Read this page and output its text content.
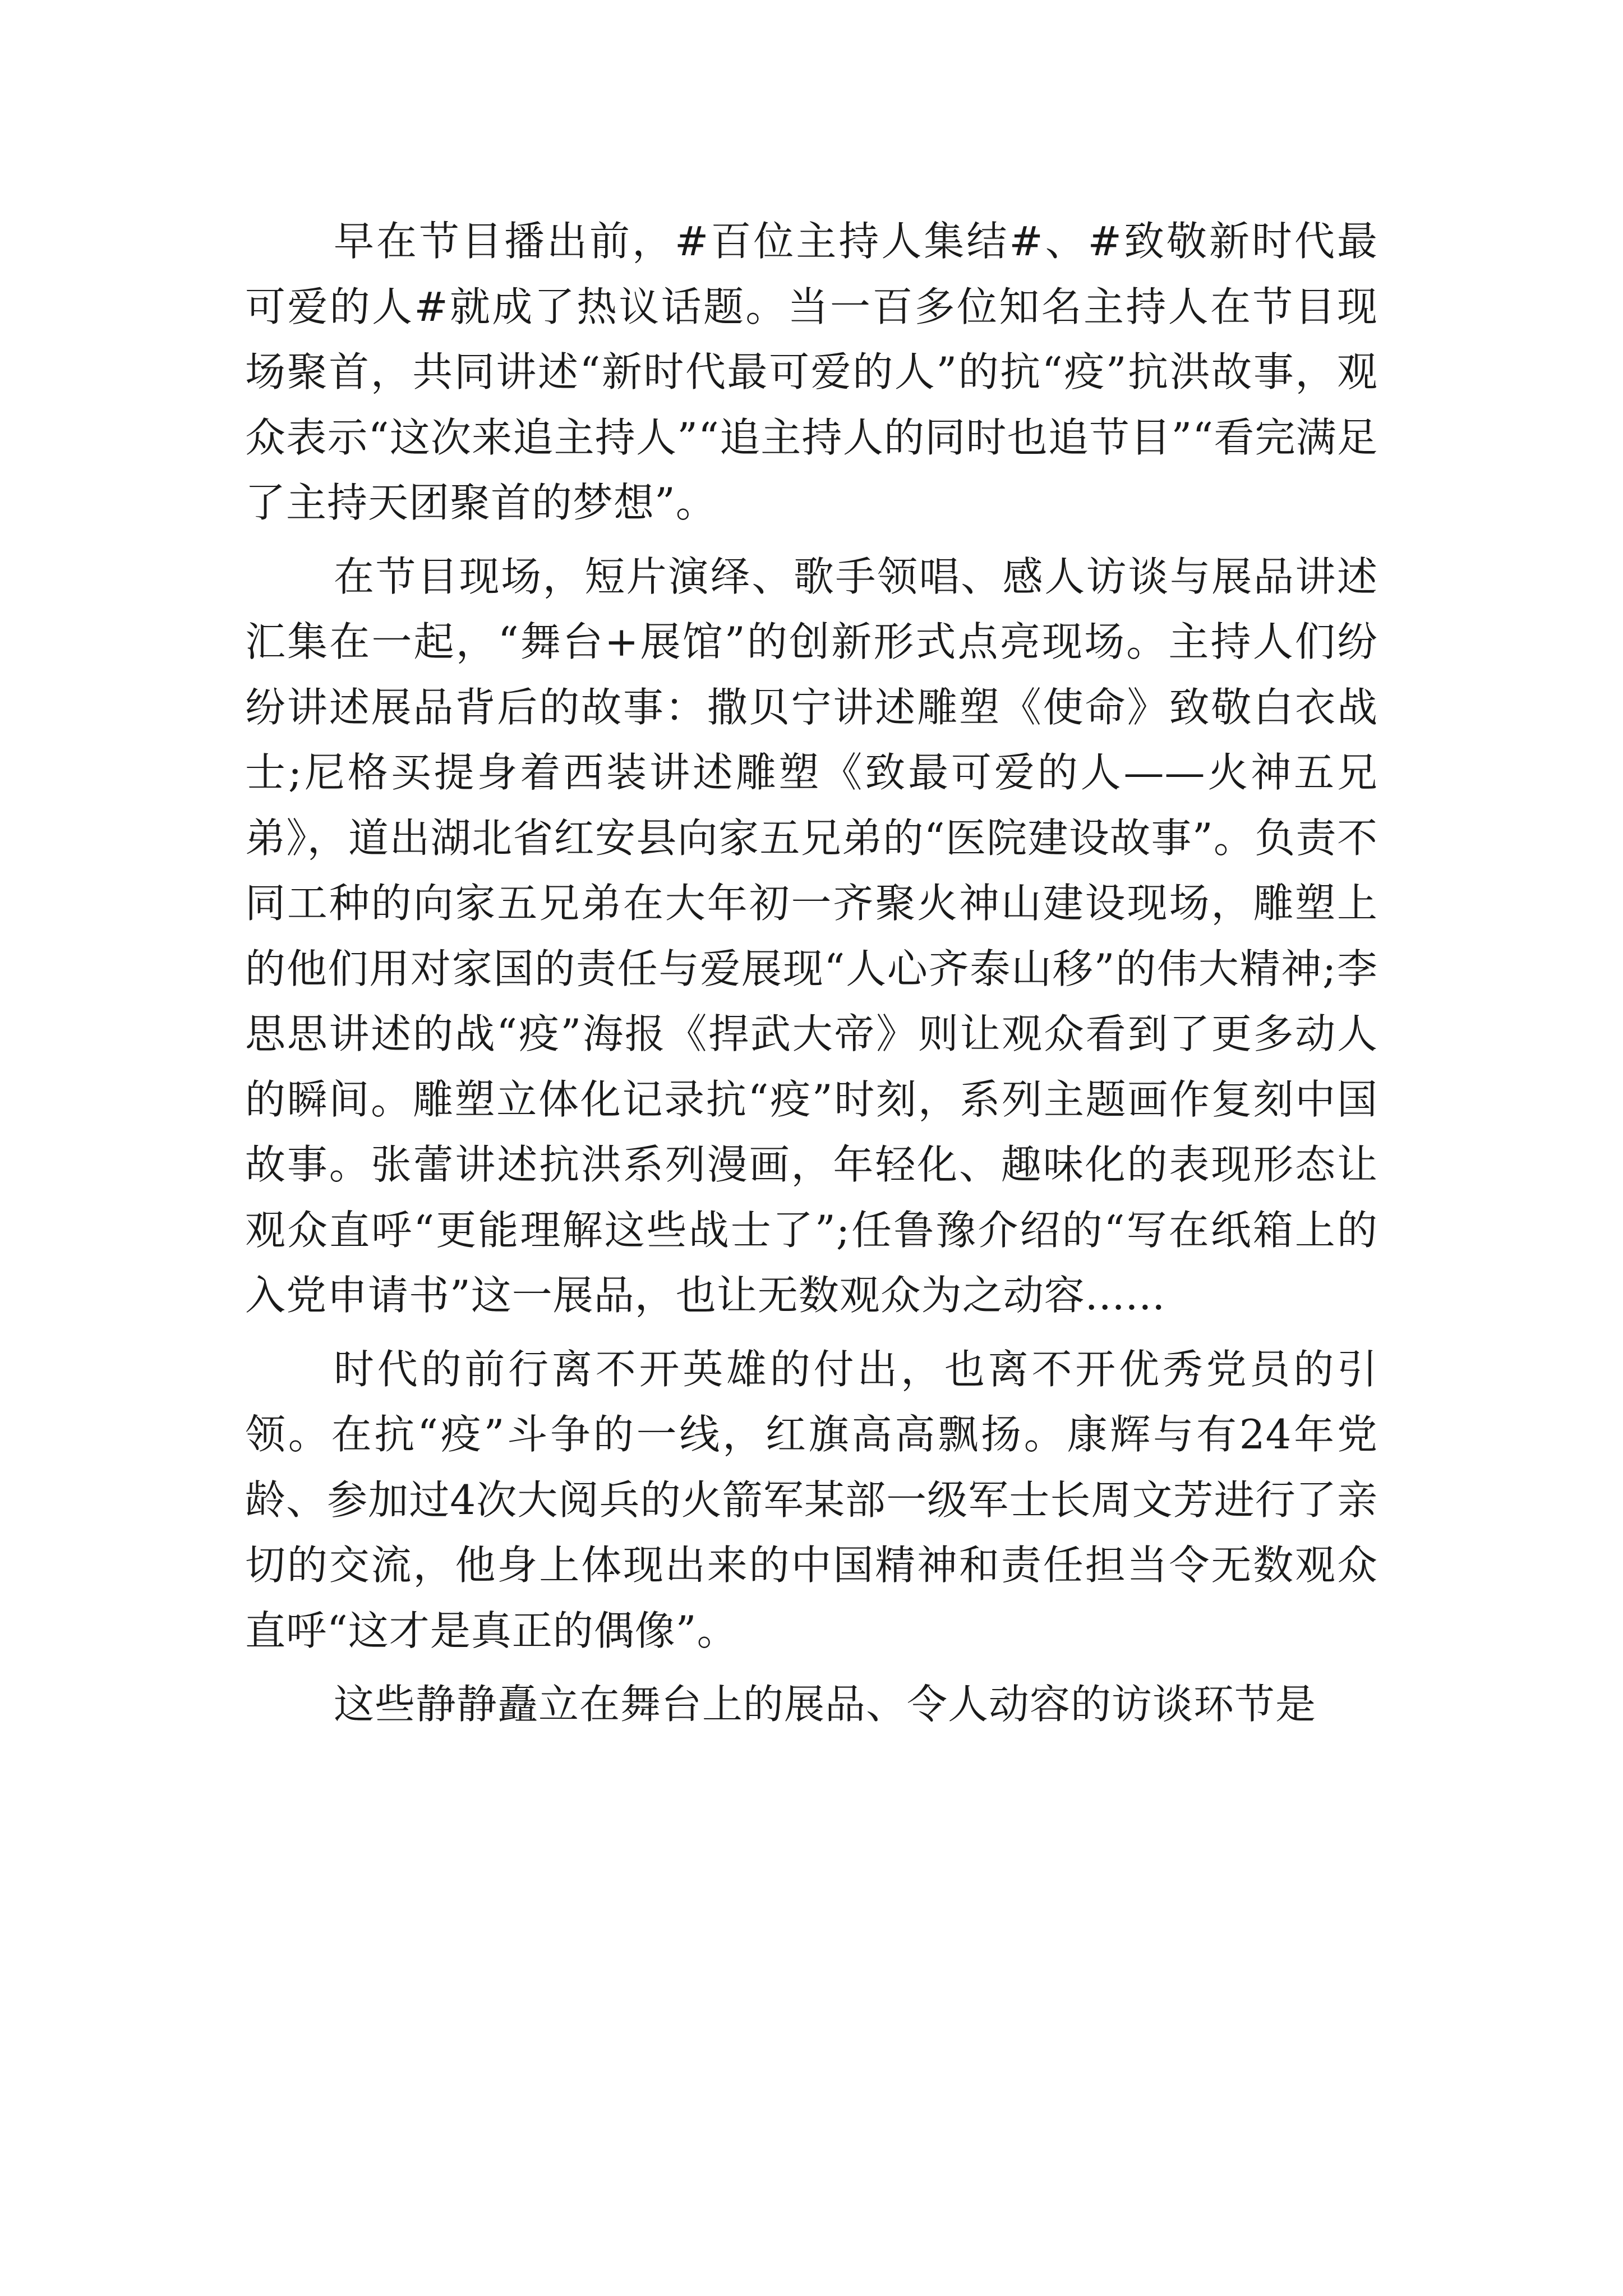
早在节目播出前，#百位主持人集结#、#致敬新时代最可爱的人#就成了热议话题。当一百多位知名主持人在节目现场聚首，共同讲述“新时代最可爱的人”的抗“疫”抗洪故事，观众表示“这次来追主持人”“追主持人的同时也追节目”“看完满足了主持天团聚首的梦想”。

在节目现场，短片演绎、歌手领唱、感人访谈与展品讲述汇集在一起，“舞台+展馆”的创新形式点亮现场。主持人们纷纷讲述展品背后的故事：撒贝宁讲述雕塑《使命》致敬白衣战士;尼格买提身着西装讲述雕塑《致最可爱的人——火神五兄弟》，道出湖北省红安县向家五兄弟的“医院建设故事”。负责不同工种的向家五兄弟在大年初一齐聚火神山建设现场，雕塑上的他们用对家国的责任与爱展现“人心齐泰山移”的伟大精神;李思思讲述的战“疫”海报《捍武大帝》则让观众看到了更多动人的瞬间。雕塑立体化记录抗“疫”时刻，系列主题画作复刻中国故事。张蕾讲述抗洪系列漫画，年轻化、趣味化的表现形态让观众直呼“更能理解这些战士了”;任鲁豫介绍的“写在纸箱上的入党申请书”这一展品，也让无数观众为之动容......

时代的前行离不开英雄的付出，也离不开优秀党员的引领。在抗“疫”斗争的一线，红旗高高飘扬。康辉与有24年党龄、参加过4次大阅兵的火箭军某部一级军士长周文芳进行了亲切的交流，他身上体现出来的中国精神和责任担当令无数观众直呼“这才是真正的偶像”。

这些静静矗立在舞台上的展品、令人动容的访谈环节是
